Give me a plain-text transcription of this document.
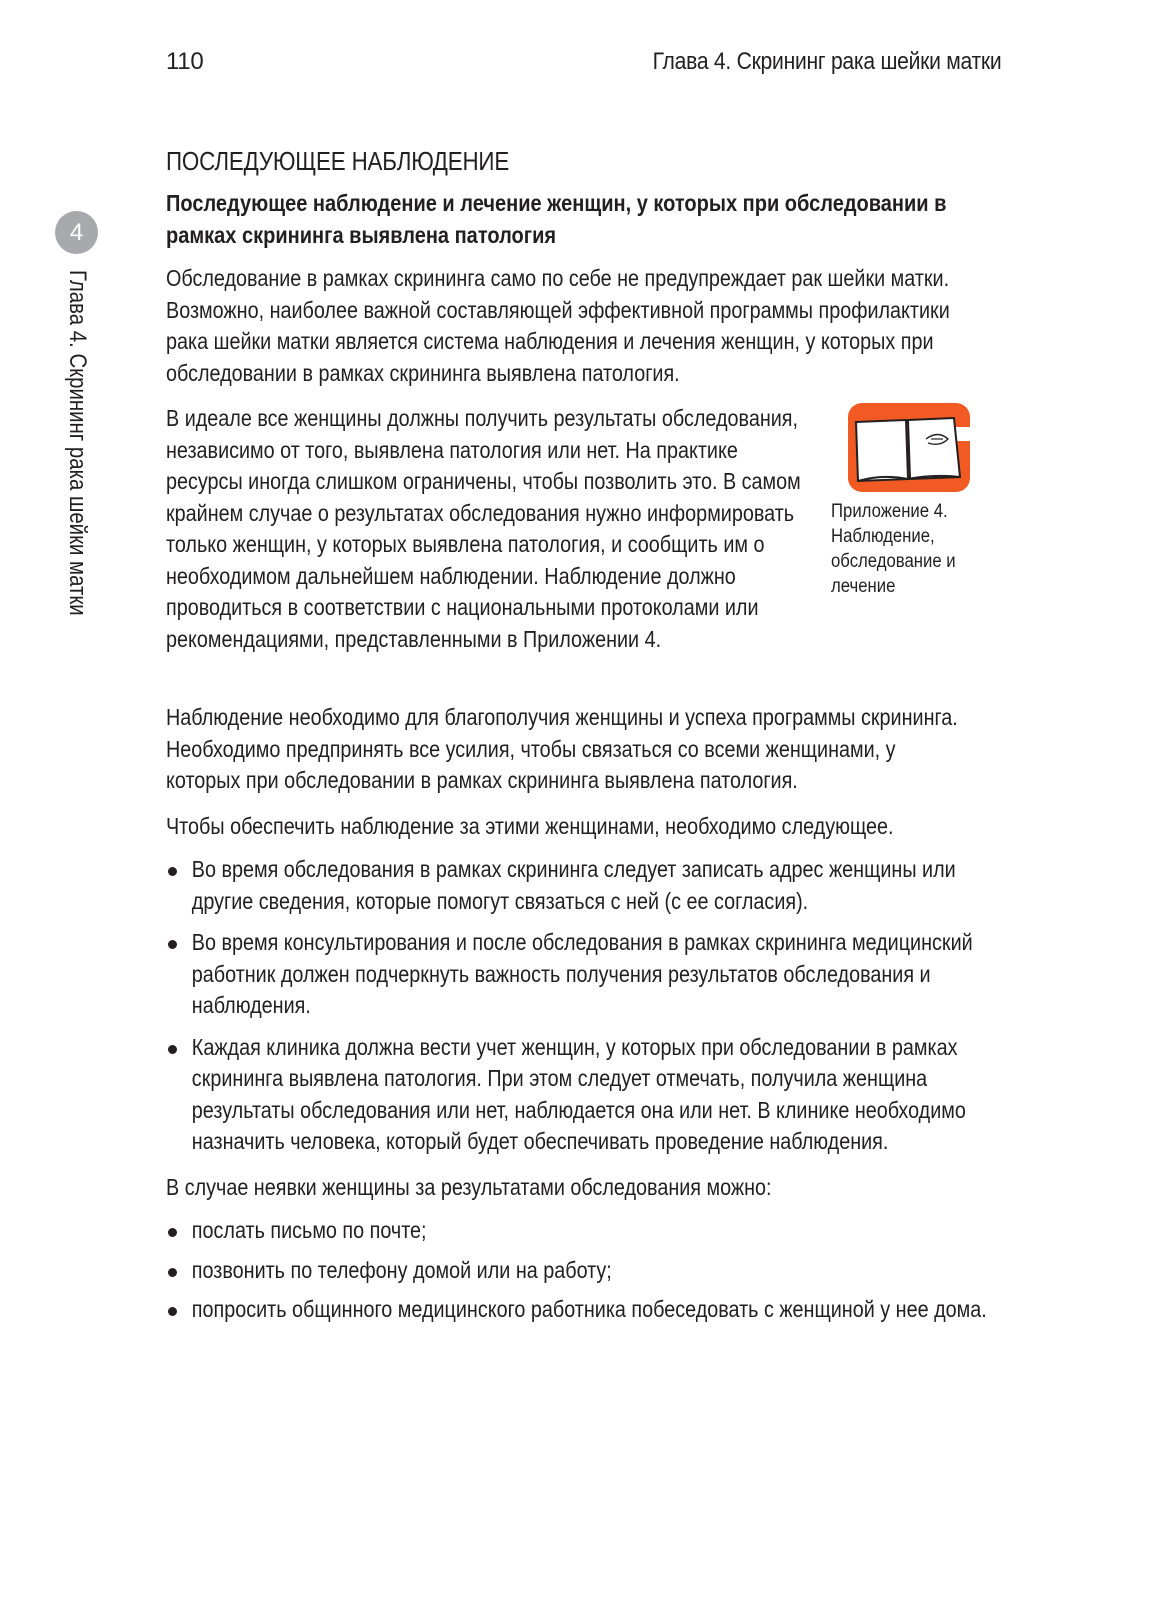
110	Глава 4. Скрининг рака шейки матки
4
Глава 4. Скрининг рака шейки матки
ПОСЛЕДУЮЩЕЕ НАБЛЮДЕНИЕ
Последующее наблюдение и лечение женщин, у которых при обследовании в рамках скрининга выявлена патология

Обследование в рамках скрининга само по себе не предупреждает рак шейки матки. Возможно, наиболее важной составляющей эффективной программы профилактики рака шейки матки является система наблюдения и лечения женщин, у которых при обследовании в рамках скрининга выявлена патология.

В идеале все женщины должны получить результаты обследования, независимо от того, выявлена патология или нет. На практике ресурсы иногда слишком ограничены, чтобы позволить это. В самом крайнем случае о результатах обследования нужно информировать только женщин, у которых выявлена патология, и сообщить им о необходимом дальнейшем наблюдении. Наблюдение должно проводиться в соответствии с национальными протоколами или рекомендациями, представленными в Приложении 4.

Приложение 4.
Наблюдение,
обследование и
лечение

Наблюдение необходимо для благополучия женщины и успеха программы скрининга. Необходимо предпринять все усилия, чтобы связаться со всеми женщинами, у которых при обследовании в рамках скрининга выявлена патология.

Чтобы обеспечить наблюдение за этими женщинами, необходимо следующее.

Во время обследования в рамках скрининга следует записать адрес женщины или другие сведения, которые помогут связаться с ней (с ее согласия).
Во время консультирования и после обследования в рамках скрининга медицинский работник должен подчеркнуть важность получения результатов обследования и наблюдения.
Каждая клиника должна вести учет женщин, у которых при обследовании в рамках скрининга выявлена патология. При этом следует отмечать, получила женщина результаты обследования или нет, наблюдается она или нет. В клинике необходимо назначить человека, который будет обеспечивать проведение наблюдения.

В случае неявки женщины за результатами обследования можно:

послать письмо по почте;
позвонить по телефону домой или на работу;
попросить общинного медицинского работника побеседовать с женщиной у нее дома.
